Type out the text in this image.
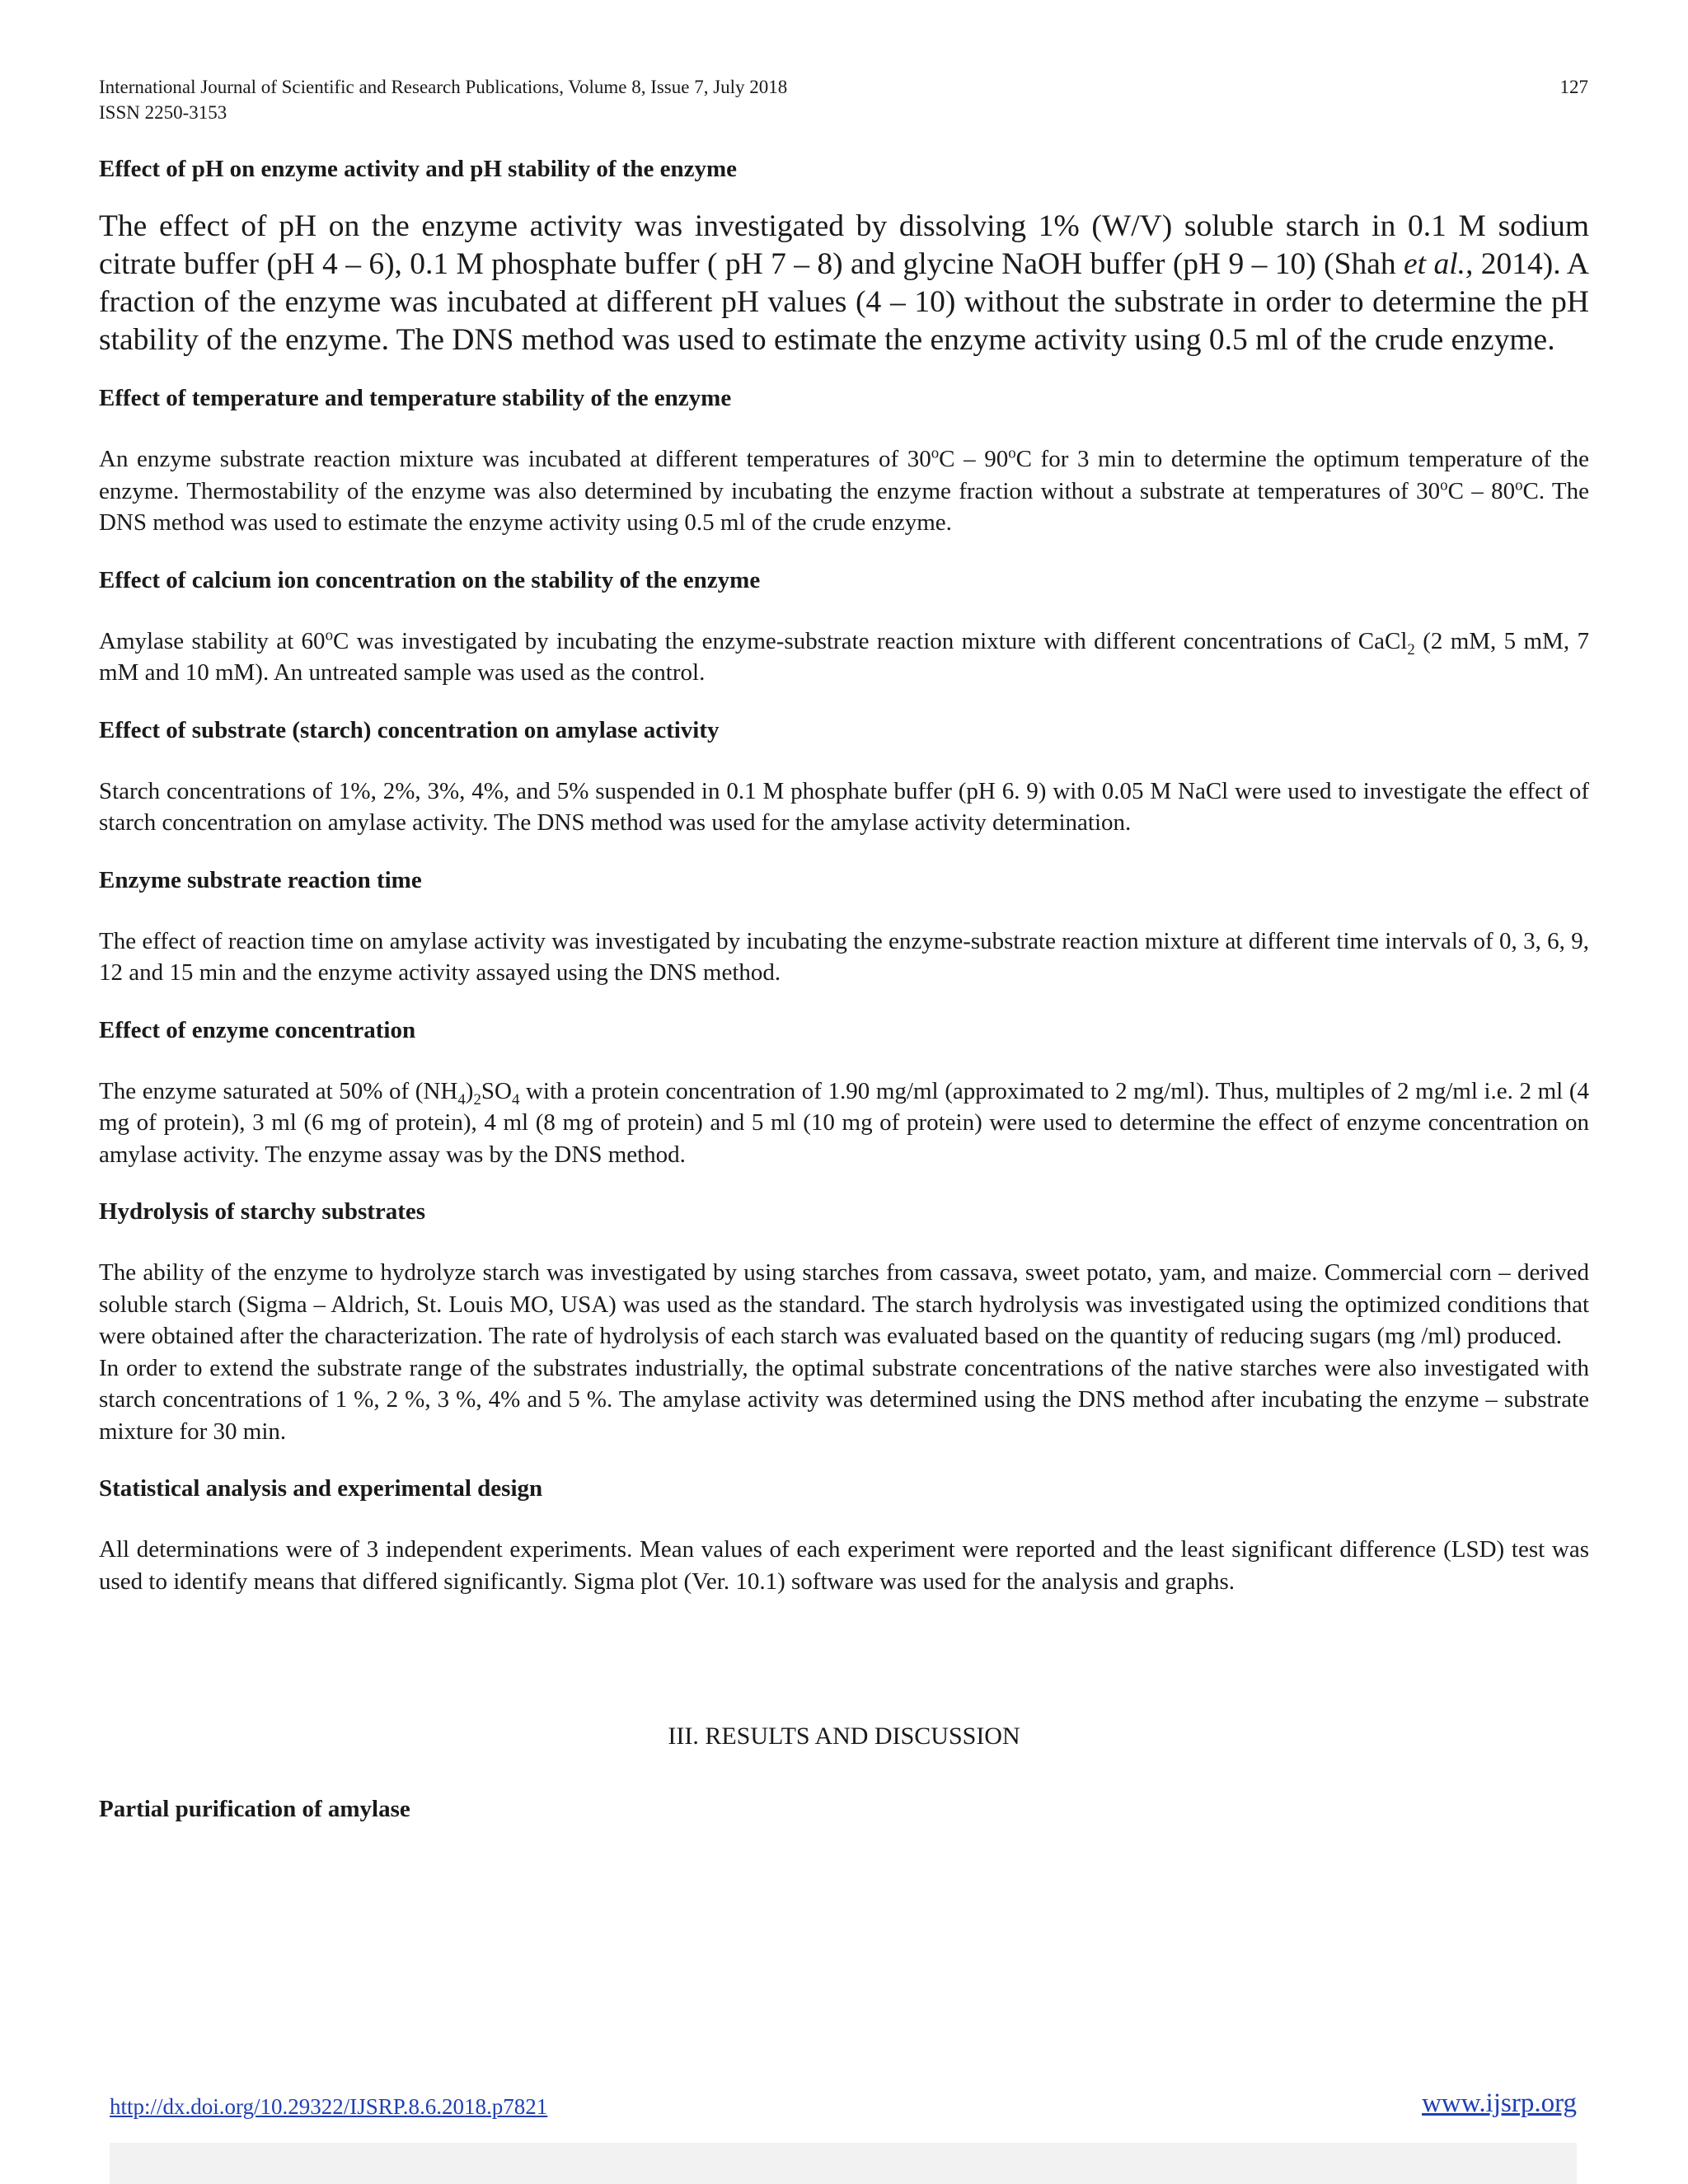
International Journal of Scientific and Research Publications, Volume 8, Issue 7, July 2018
ISSN 2250-3153
127

Effect of pH on enzyme activity and pH stability of the enzyme

The effect of pH on the enzyme activity was investigated by dissolving 1% (W/V) soluble starch in 0.1 M sodium citrate buffer (pH 4 – 6), 0.1 M phosphate buffer ( pH 7 – 8) and glycine NaOH buffer (pH 9 – 10) (Shah et al., 2014). A fraction of the enzyme was incubated at different pH values (4 – 10) without the substrate in order to determine the pH stability of the enzyme. The DNS method was used to estimate the enzyme activity using 0.5 ml of the crude enzyme.

Effect of temperature and temperature stability of the enzyme

An enzyme substrate reaction mixture was incubated at different temperatures of 30$^o$C – 90$^o$C for 3 min to determine the optimum temperature of the enzyme. Thermostability of the enzyme was also determined by incubating the enzyme fraction without a substrate at temperatures of 30$^o$C – 80$^o$C. The DNS method was used to estimate the enzyme activity using 0.5 ml of the crude enzyme.

Effect of calcium ion concentration on the stability of the enzyme

Amylase stability at 60$^o$C was investigated by incubating the enzyme-substrate reaction mixture with different concentrations of CaCl$_2$ (2 mM, 5 mM, 7 mM and 10 mM). An untreated sample was used as the control.

Effect of substrate (starch) concentration on amylase activity

Starch concentrations of 1%, 2%, 3%, 4%, and 5% suspended in 0.1 M phosphate buffer (pH 6. 9) with 0.05 M NaCl were used to investigate the effect of starch concentration on amylase activity. The DNS method was used for the amylase activity determination.

Enzyme substrate reaction time

The effect of reaction time on amylase activity was investigated by incubating the enzyme-substrate reaction mixture at different time intervals of 0, 3, 6, 9, 12 and 15 min and the enzyme activity assayed using the DNS method.

Effect of enzyme concentration

The enzyme saturated at 50% of $(NH_4)_2SO_4$ with a protein concentration of 1.90 mg/ml (approximated to 2 mg/ml). Thus, multiples of 2 mg/ml i.e. 2 ml (4 mg of protein), 3 ml (6 mg of protein), 4 ml (8 mg of protein) and 5 ml (10 mg of protein) were used to determine the effect of enzyme concentration on amylase activity. The enzyme assay was by the DNS method.

Hydrolysis of starchy substrates

The ability of the enzyme to hydrolyze starch was investigated by using starches from cassava, sweet potato, yam, and maize. Commercial corn – derived soluble starch (Sigma – Aldrich, St. Louis MO, USA) was used as the standard. The starch hydrolysis was investigated using the optimized conditions that were obtained after the characterization. The rate of hydrolysis of each starch was evaluated based on the quantity of reducing sugars (mg /ml) produced.

In order to extend the substrate range of the substrates industrially, the optimal substrate concentrations of the native starches were also investigated with starch concentrations of 1 %, 2 %, 3 %, 4% and 5 %. The amylase activity was determined using the DNS method after incubating the enzyme – substrate mixture for 30 min.

Statistical analysis and experimental design

All determinations were of 3 independent experiments. Mean values of each experiment were reported and the least significant difference (LSD) test was used to identify means that differed significantly. Sigma plot (Ver. 10.1) software was used for the analysis and graphs.

III. RESULTS AND DISCUSSION

Partial purification of amylase

http://dx.doi.org/10.29322/IJSRP.8.6.2018.p7821	www.ijsrp.org
